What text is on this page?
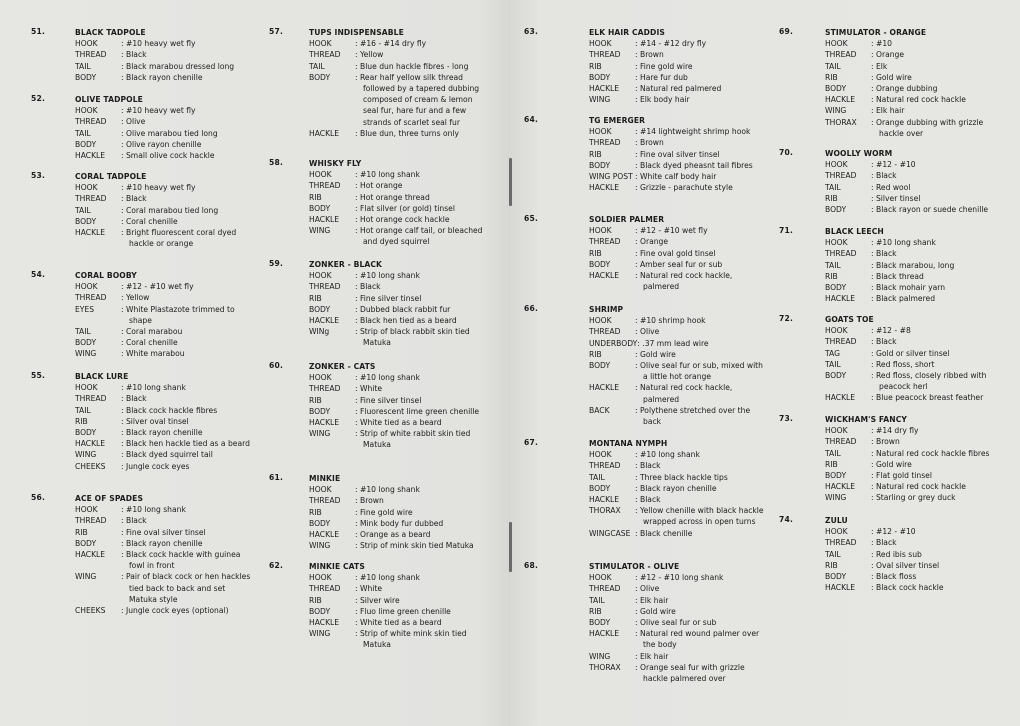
51.	BLACK TADPOLE
HOOK	: #10 heavy wet fly
THREAD	: Black
TAIL	: Black marabou dressed long
BODY	: Black rayon chenille
52.	OLIVE TADPOLE
HOOK	: #10 heavy wet fly
THREAD	: Olive
TAIL	: Olive marabou tied long
BODY	: Olive rayon chenille
HACKLE	: Small olive cock hackle
53.	CORAL TADPOLE
HOOK	: #10 heavy wet fly
THREAD	: Black
TAIL	: Coral marabou tied long
BODY	: Coral chenille
HACKLE	: Bright fluorescent coral dyed hackle or orange
54.	CORAL BOOBY
HOOK	: #12 - #10 wet fly
THREAD	: Yellow
EYES	: White Plastazote trimmed to shape
TAIL	: Coral marabou
BODY	: Coral chenille
WING	: White marabou
55.	BLACK LURE
HOOK	: #10 long shank
THREAD	: Black
TAIL	: Black cock hackle fibres
RIB	: Silver oval tinsel
BODY	: Black rayon chenille
HACKLE	: Black hen hackle tied as a beard
WING	: Black dyed squirrel tail
CHEEKS	: Jungle cock eyes
56.	ACE OF SPADES
HOOK	: #10 long shank
THREAD	: Black
RIB	: Fine oval silver tinsel
BODY	: Black rayon chenille
HACKLE	: Black cock hackle with guinea fowl in front
WING	: Pair of black cock or hen hackles tied back to back and set Matuka style
CHEEKS	: Jungle cock eyes (optional)
57.	TUPS INDISPENSABLE
HOOK	: #16 - #14 dry fly
THREAD	: Yellow
TAIL	: Blue dun hackle fibres - long
BODY	: Rear half yellow silk thread followed by a tapered dubbing composed of cream & lemon seal fur, hare fur and a few strands of scarlet seal fur
HACKLE	: Blue dun, three turns only
58.	WHISKY FLY
HOOK	: #10 long shank
THREAD	: Hot orange
RIB	: Hot orange thread
BODY	: Flat silver (or gold) tinsel
HACKLE	: Hot orange cock hackle
WING	: Hot orange calf tail, or bleached and dyed squirrel
59.	ZONKER - BLACK
HOOK	: #10 long shank
THREAD	: Black
RIB	: Fine silver tinsel
BODY	: Dubbed black rabbit fur
HACKLE	: Black hen tied as a beard
WINg	: Strip of black rabbit skin tied Matuka
60.	ZONKER - CATS
HOOK	: #10 long shank
THREAD	: White
RIB	: Fine silver tinsel
BODY	: Fluorescent lime green chenille
HACKLE	: White tied as a beard
WING	: Strip of white rabbit skin tied Matuka
61.	MINKIE
HOOK	: #10 long shank
THREAD	: Brown
RIB	: Fine gold wire
BODY	: Mink body fur dubbed
HACKLE	: Orange as a beard
WING	: Strip of mink skin tied Matuka
62.	MINKIE CATS
HOOK	: #10 long shank
THREAD	: White
RIB	: Silver wire
BODY	: Fluo lime green chenille
HACKLE	: White tied as a beard
WING	: Strip of white mink skin tied Matuka
63.	ELK HAIR CADDIS
HOOK	: #14 - #12 dry fly
THREAD	: Brown
RIB	: Fine gold wire
BODY	: Hare fur dub
HACKLE	: Natural red palmered
WING	: Elk body hair
64.	TG EMERGER
HOOK	: #14 lightweight shrimp hook
THREAD	: Brown
RIB	: Fine oval silver tinsel
BODY	: Black dyed pheasnt tail fibres
WING POST : White calf body hair
HACKLE	: Grizzle - parachute style
65.	SOLDIER PALMER
HOOK	: #12 - #10 wet fly
THREAD	: Orange
RIB	: Fine oval gold tinsel
BODY	: Amber seal fur or sub
HACKLE	: Natural red cock hackle, palmered
66.	SHRIMP
HOOK	: #10 shrimp hook
THREAD	: Olive
UNDERBODY : .37 mm lead wire
RIB	: Gold wire
BODY	: Olive seal fur or sub, mixed with a little hot orange
HACKLE	: Natural red cock hackle, palmered
BACK	: Polythene stretched over the back
67.	MONTANA NYMPH
HOOK	: #10 long shank
THREAD	: Black
TAIL	: Three black hackle tips
BODY	: Black rayon chenille
HACKLE	: Black
THORAX	: Yellow chenille with black hackle wrapped across in open turns
WINGCASE	: Black chenille
68.	STIMULATOR - OLIVE
HOOK	: #12 - #10 long shank
THREAD	: Olive
TAIL	: Elk hair
RIB	: Gold wire
BODY	: Olive seal fur or sub
HACKLE	: Natural red wound palmer over the body
WING	: Elk hair
THORAX	: Orange seal fur with grizzle hackle palmered over
69.	STIMULATOR - ORANGE
HOOK	: #10
THREAD	: Orange
TAIL	: Elk
RIB	: Gold wire
BODY	: Orange dubbing
HACKLE	: Natural red cock hackle
WING	: Elk hair
THORAX	: Orange dubbing with grizzle hackle over
70.	WOOLLY WORM
HOOK	: #12 - #10
THREAD	: Black
TAIL	: Red wool
RIB	: Silver tinsel
BODY	: Black rayon or suede chenille
71.	BLACK LEECH
HOOK	: #10 long shank
THREAD	: Black
TAIL	: Black marabou, long
RIB	: Black thread
BODY	: Black mohair yarn
HACKLE	: Black palmered
72.	GOATS TOE
HOOK	: #12 - #8
THREAD	: Black
TAG	: Gold or silver tinsel
TAIL	: Red floss, short
BODY	: Red floss, closely ribbed with peacock herl
HACKLE	: Blue peacock breast feather
73.	WICKHAM'S FANCY
HOOK	: #14 dry fly
THREAD	: Brown
TAIL	: Natural red cock hackle fibres
RIB	: Gold wire
BODY	: Flat gold tinsel
HACKLE	: Natural red cock hackle
WING	: Starling or grey duck
74.	ZULU
HOOK	: #12 - #10
THREAD	: Black
TAIL	: Red ibis sub
RIB	: Oval silver tinsel
BODY	: Black floss
HACKLE	: Black cock hackle
